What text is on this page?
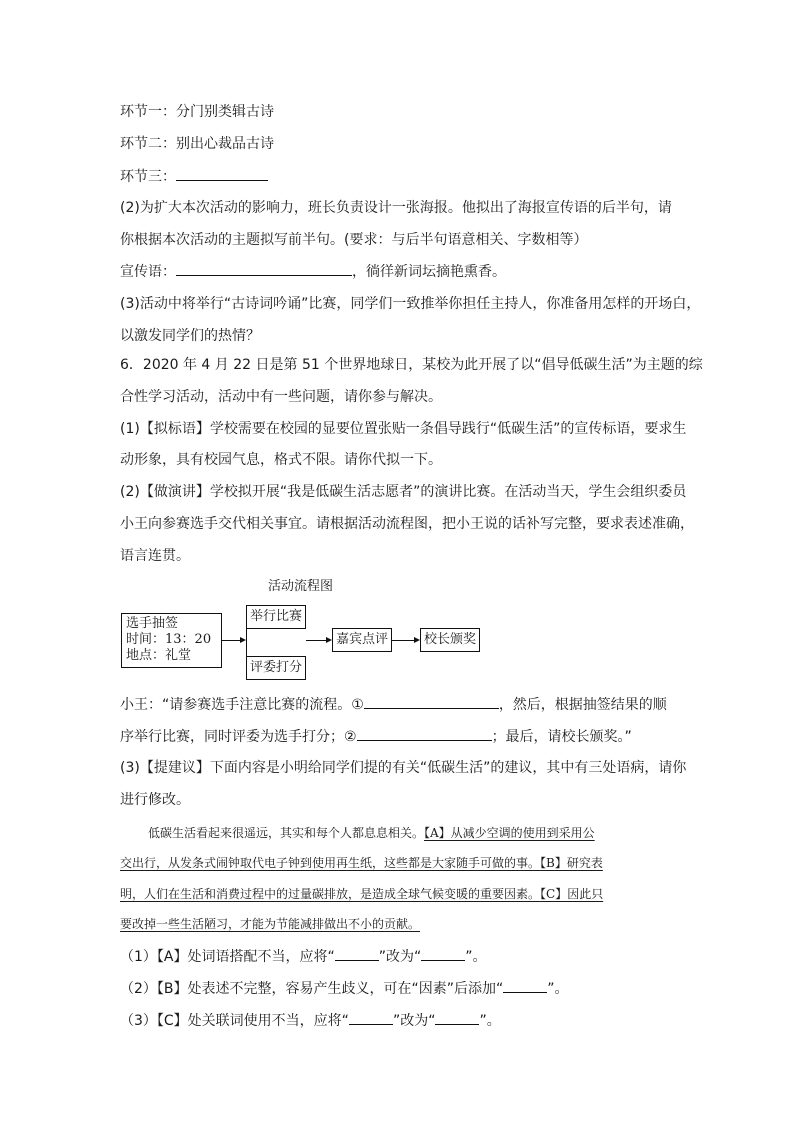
环节一：分门别类辑古诗
环节二：别出心裁品古诗
环节三：
(2)为扩大本次活动的影响力，班长负责设计一张海报。他拟出了海报宣传语的后半句，请
你根据本次活动的主题拟写前半句。(要求：与后半句语意相关、字数相等）
宣传语：	，徜徉新词坛摘艳熏香。
(3)活动中将举行“古诗词吟诵”比赛，同学们一致推举你担任主持人，你准备用怎样的开场白，
以激发同学们的热情？
6．2020 年 4 月 22 日是第 51 个世界地球日，某校为此开展了以“倡导低碳生活”为主题的综
合性学习活动，活动中有一些问题，请你参与解决。
(1)【拟标语】学校需要在校园的显要位置张贴一条倡导践行“低碳生活”的宣传标语，要求生
动形象，具有校园气息，格式不限。请你代拟一下。
(2)【做演讲】学校拟开展“我是低碳生活志愿者”的演讲比赛。在活动当天，学生会组织委员
小王向参赛选手交代相关事宜。请根据活动流程图，把小王说的话补写完整，要求表述准确，
语言连贯。
活动流程图
选手抽签
时间：13：20
地点：礼堂
举行比赛
评委打分
嘉宾点评	校长颁奖
小王：“请参赛选手注意比赛的流程。①	，然后，根据抽签结果的顺
序举行比赛，同时评委为选手打分；②	；最后，请校长颁奖。”
(3)【提建议】下面内容是小明给同学们提的有关“低碳生活”的建议，其中有三处语病，请你
进行修改。
低碳生活看起来很遥远，其实和每个人都息息相关。【A】从减少空调的使用到采用公
交出行，从发条式闹钟取代电子钟到使用再生纸，这些都是大家随手可做的事。【B】研究表
明，人们在生活和消费过程中的过量碳排放，是造成全球气候变暖的重要因素。【C】因此只
要改掉一些生活陋习，才能为节能减排做出不小的贡献。
（1）【A】处词语搭配不当，应将“	”改为“	”。
（2）【B】处表述不完整，容易产生歧义，可在“因素”后添加“	”。
（3）【C】处关联词使用不当，应将“	”改为“	”。
